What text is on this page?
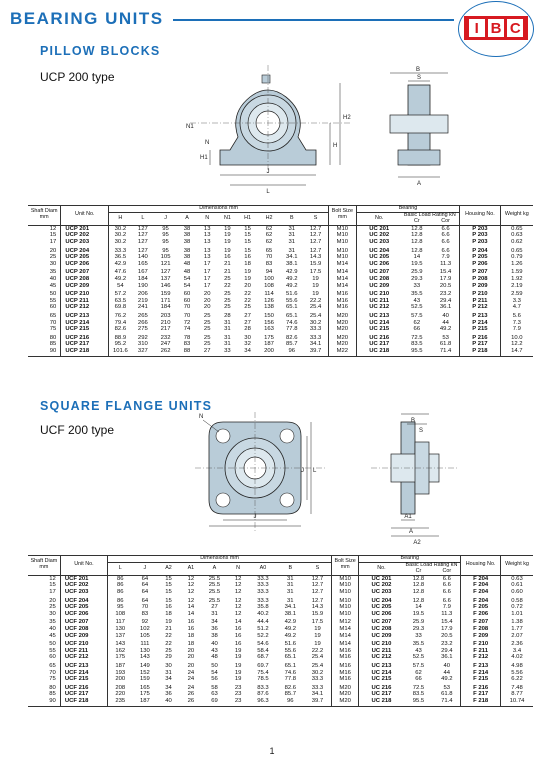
BEARING UNITS	I B C
PILLOW BLOCKS
UCP 200 type
J
L
H2
H
H1
N1
N
B
S
A
Shaft Diam mm	Unit No.	Dimensions mm										Bolt Size mm	Bearing			Housing No.	Weight kg
		H	L	J	A	N	N1	H1	H2	B	S		No.	Basic Load Rating kN
Cr	Cor		
12	UCP 201	30.2	127	95	38	13	19	15	62	31	12.7	M10	UC 201	12.8	6.6	P 203	0.65
15	UCP 202	30.2	127	95	38	13	19	15	62	31	12.7	M10	UC 202	12.8	6.6	P 203	0.63
17	UCP 203	30.2	127	95	38	13	19	15	62	31	12.7	M10	UC 203	12.8	6.6	P 203	0.62
20	UCP 204	33.3	127	95	38	13	19	15	65	31	12.7	M10	UC 204	12.8	6.6	P 204	0.65
25	UCP 205	36.5	140	105	38	13	16	16	70	34.1	14.3	M10	UC 205	14	7.9	P 205	0.79
30	UCP 206	42.9	165	121	48	17	21	18	83	38.1	15.9	M14	UC 206	19.5	11.3	P 206	1.26
35	UCP 207	47.6	167	127	48	17	21	19	94	42.9	17.5	M14	UC 207	25.9	15.4	P 207	1.59
40	UCP 208	49.2	184	137	54	17	25	19	100	49.2	19	M14	UC 208	29.3	17.9	P 208	1.92
45	UCP 209	54	190	146	54	17	22	20	108	49.2	19	M14	UC 209	33	20.5	P 209	2.19
50	UCP 210	57.2	206	159	60	20	25	22	114	51.6	19	M16	UC 210	35.5	23.2	P 210	2.59
55	UCP 211	63.5	219	171	60	20	25	22	126	55.6	22.2	M16	UC 211	43	29.4	P 211	3.3
60	UCP 212	69.8	241	184	70	20	25	25	138	65.1	25.4	M16	UC 212	52.5	36.1	P 212	4.7
65	UCP 213	76.2	265	203	70	25	28	27	150	65.1	25.4	M20	UC 213	57.5	40	P 213	5.6
70	UCP 214	79.4	266	210	72	25	31	27	156	74.6	30.2	M20	UC 214	62	44	P 214	7.3
75	UCP 215	82.6	275	217	74	25	31	28	163	77.8	33.3	M20	UC 215	66	49.2	P 215	7.9
80	UCP 216	88.9	292	232	78	25	31	30	175	82.6	33.3	M20	UC 216	72.5	53	P 216	10.0
85	UCP 217	95.2	310	247	83	25	31	32	187	85.7	34.1	M20	UC 217	83.5	61.8	P 217	12.2
90	UCP 218	101.6	327	262	88	27	33	34	200	96	39.7	M22	UC 218	95.5	71.4	P 218	14.7
SQUARE FLANGE UNITS
UCF 200 type
J
L
J
N
B
S
A1
A
A2
Shaft Diam mm	Unit No.	Dimensions mm									Bolt Size mm	Bearing			Housing No.	Weight kg
		L	J	A2	A1	A	N	A0	B	S		No.	Basic Load Rating kN
Cr	Cor		
12	UCF 201	86	64	15	12	25.5	12	33.3	31	12.7	M10	UC 201	12.8	6.6	F 204	0.63
15	UCF 202	86	64	15	12	25.5	12	33.3	31	12.7	M10	UC 202	12.8	6.6	F 204	0.61
17	UCF 203	86	64	15	12	25.5	12	33.3	31	12.7	M10	UC 203	12.8	6.6	F 204	0.60
20	UCF 204	86	64	15	12	25.5	12	33.3	31	12.7	M10	UC 204	12.8	6.6	F 204	0.58
25	UCF 205	95	70	16	14	27	12	35.8	34.1	14.3	M10	UC 205	14	7.9	F 205	0.72
30	UCF 206	108	83	18	14	31	12	40.2	38.1	15.9	M10	UC 206	19.5	11.3	F 206	1.01
35	UCF 207	117	92	19	16	34	14	44.4	42.9	17.5	M12	UC 207	25.9	15.4	F 207	1.38
40	UCF 208	130	102	21	16	36	16	51.2	49.2	19	M14	UC 208	29.3	17.9	F 208	1.77
45	UCF 209	137	105	22	18	38	16	52.2	49.2	19	M14	UC 209	33	20.5	F 209	2.07
50	UCF 210	143	111	22	18	40	16	54.6	51.6	19	M14	UC 210	35.5	23.2	F 210	2.36
55	UCF 211	162	130	25	20	43	19	58.4	55.6	22.2	M16	UC 211	43	29.4	F 211	3.4
60	UCF 212	175	143	29	20	48	19	68.7	65.1	25.4	M16	UC 212	52.5	36.1	F 212	4.02
65	UCF 213	187	149	30	20	50	19	69.7	65.1	25.4	M16	UC 213	57.5	40	F 213	4.98
70	UCF 214	193	152	31	24	54	19	75.4	74.6	30.2	M16	UC 214	62	44	F 214	5.56
75	UCF 215	200	159	34	24	56	19	78.5	77.8	33.3	M16	UC 215	66	49.2	F 215	6.22
80	UCF 216	208	165	34	24	58	23	83.3	82.6	33.3	M20	UC 216	72.5	53	F 216	7.48
85	UCF 217	220	175	36	26	63	23	87.6	85.7	34.1	M20	UC 217	83.5	61.8	F 217	8.77
90	UCF 218	235	187	40	26	69	23	96.3	96	39.7	M20	UC 218	95.5	71.4	F 218	10.74
1
